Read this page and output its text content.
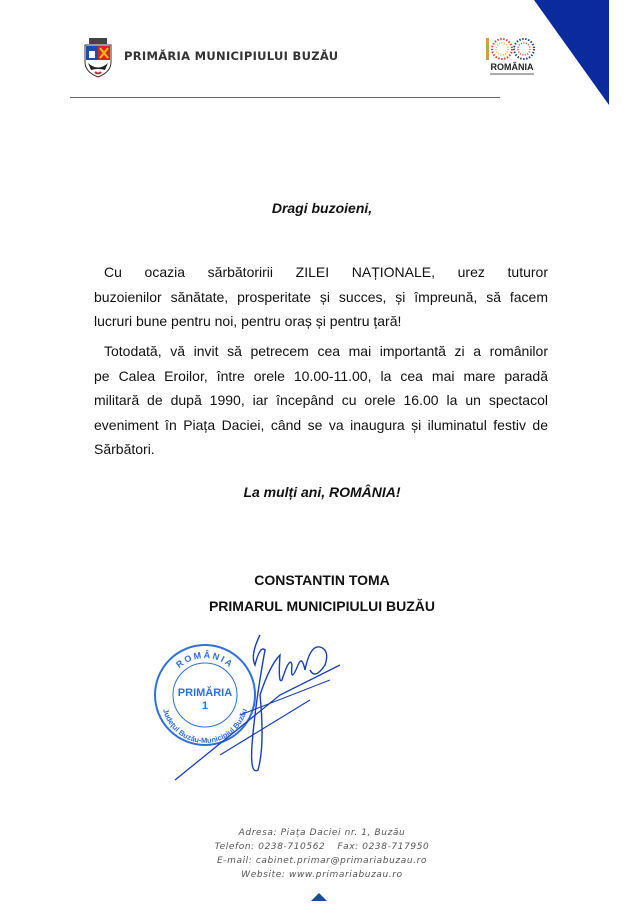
PRIMĂRIA MUNICIPIULUI BUZĂU
ROMÂNIA
Dragi buzoieni,
Cu ocazia sărbătoririi ZILEI NAȚIONALE, urez tuturor
buzoienilor sănătate, prosperitate și succes, și împreună, să facem
lucruri bune pentru noi, pentru oraș și pentru țară!
Totodată, vă invit să petrecem cea mai importantă zi a românilor
pe Calea Eroilor, între orele 10.00-11.00, la cea mai mare paradă
militară de după 1990, iar începând cu orele 16.00 la un spectacol
eveniment în Piața Daciei, când se va inaugura și iluminatul festiv de
Sărbători.
La mulți ani, ROMÂNIA!
CONSTANTIN TOMA
PRIMARUL MUNICIPIULUI BUZĂU
ROMÂNIA
Județul Buzău-Municipiul Buzău
PRIMĂRIA
1
Adresa: Piața Daciei nr. 1, Buzău
Telefon: 0238-710562 Fax: 0238-717950
E-mail: cabinet.primar@primariabuzau.ro
Website: www.primariabuzau.ro
